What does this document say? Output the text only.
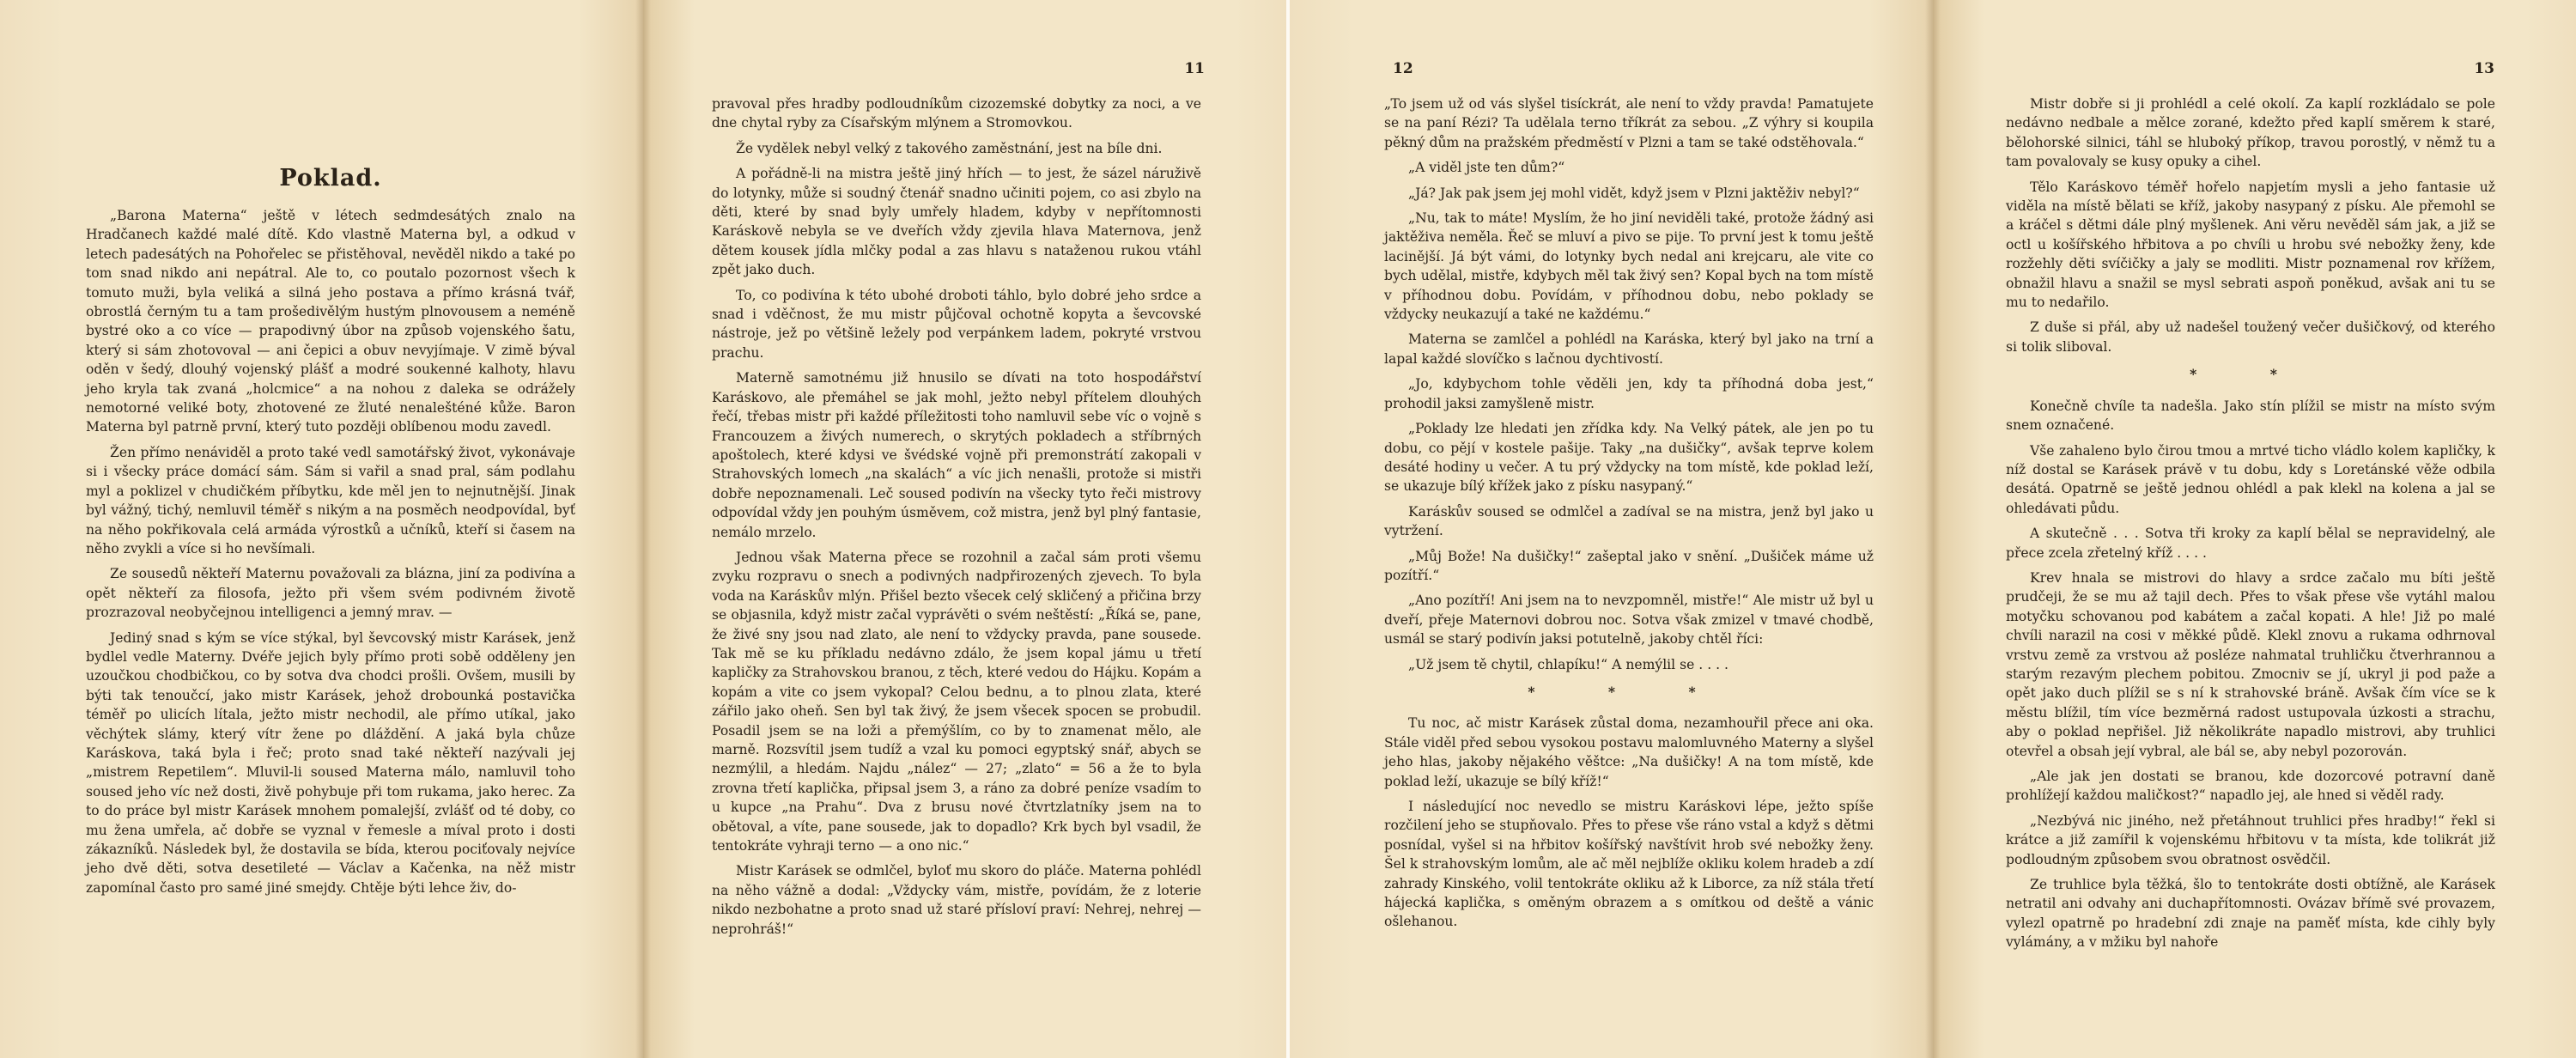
Poklad.

„Barona Materna“ ještě v létech sedmdesátých znalo na Hradčanech každé malé dítě. Kdo vlastně Materna byl, a odkud v letech padesátých na Pohořelec se přistěhoval, nevěděl nikdo a také po tom snad nikdo ani nepátral. Ale to, co poutalo pozornost všech k tomuto muži, byla veliká a silná jeho postava a přímo krásná tvář, obrostlá černým tu a tam prošedivělým hustým plnovousem a neméně bystré oko a co více — prapodivný úbor na způsob vojenského šatu, který si sám zhotovoval — ani čepici a obuv nevyjímaje. V zimě býval oděn v šedý, dlouhý vojenský plášť a modré soukenné kalhoty, hlavu jeho kryla tak zvaná „holcmice“ a na nohou z daleka se odrážely nemotorné veliké boty, zhotovené ze žluté nenalešténé kůže. Baron Materna byl patrně první, který tuto později oblíbenou modu zavedl.

Žen přímo nenáviděl a proto také vedl samotářský život, vykonávaje si i všecky práce domácí sám. Sám si vařil a snad pral, sám podlahu myl a poklizel v chudičkém příbytku, kde měl jen to nejnutnější. Jinak byl vážný, tichý, nemluvil téměř s nikým a na posměch neodpovídal, byť na něho pokřikovala celá armáda výrostků a učníků, kteří si časem na něho zvykli a více si ho nevšímali.

Ze sousedů někteří Maternu považovali za blázna, jiní za podivína a opět někteří za filosofa, ježto při všem svém podivném životě prozrazoval neobyčejnou intelligenci a jemný mrav. —

Jediný snad s kým se více stýkal, byl ševcovský mistr Karásek, jenž bydlel vedle Materny. Dvéře jejich byly přímo proti sobě odděleny jen uzoučkou chodbičkou, co by sotva dva chodci prošli. Ovšem, musili by býti tak tenoučcí, jako mistr Karásek, jehož drobounká postavička téměř po ulicích lítala, ježto mistr nechodil, ale přímo utíkal, jako věchýtek slámy, který vítr žene po dláždění. A jaká byla chůze Karáskova, taká byla i řeč; proto snad také někteří nazývali jej „mistrem Repetilem“. Mluvil-li soused Materna málo, namluvil toho soused jeho víc než dosti, živě pohybuje při tom rukama, jako herec. Za to do práce byl mistr Karásek mnohem pomalejší, zvlášť od té doby, co mu žena umřela, ač dobře se vyznal v řemesle a míval proto i dosti zákazníků. Následek byl, že dostavila se bída, kterou pociťovaly nejvíce jeho dvě děti, sotva desetileté — Václav a Kačenka, na něž mistr zapomínal často pro samé jiné smejdy. Chtěje býti lehce živ, do-

11

pravoval přes hradby podloudníkům cizozemské dobytky za noci, a ve dne chytal ryby za Císařským mlýnem a Stromovkou.

Že vydělek nebyl velký z takového zaměstnání, jest na bíle dni.

A pořádně-li na mistra ještě jiný hřích — to jest, že sázel náruživě do lotynky, může si soudný čtenář snadno učiniti pojem, co asi zbylo na děti, které by snad byly umřely hladem, kdyby v nepřítomnosti Karáskově nebyla se ve dveřích vždy zjevila hlava Maternova, jenž dětem kousek jídla mlčky podal a zas hlavu s nataženou rukou vtáhl zpět jako duch.

To, co podivína k této ubohé droboti táhlo, bylo dobré jeho srdce a snad i vděčnost, že mu mistr půjčoval ochotně kopyta a ševcovské nástroje, jež po většině ležely pod verpánkem ladem, pokryté vrstvou prachu.

Materně samotnému již hnusilo se dívati na toto hospodářství Karáskovo, ale přemáhel se jak mohl, ježto nebyl přítelem dlouhých řečí, třebas mistr při každé příležitosti toho namluvil sebe víc o vojně s Francouzem a živých numerech, o skrytých pokladech a stříbrných apoštolech, které kdysi ve švédské vojně při premonstrátí zakopali v Strahovských lomech „na skalách“ a víc jich nenašli, protože si mistři dobře nepoznamenali. Leč soused podivín na všecky tyto řeči mistrovy odpovídal vždy jen pouhým úsměvem, což mistra, jenž byl plný fantasie, nemálo mrzelo.

Jednou však Materna přece se rozohnil a začal sám proti všemu zvyku rozpravu o snech a podivných nadpřirozených zjevech. To byla voda na Karáskův mlýn. Přišel bezto všecek celý skličený a přičina brzy se objasnila, když mistr začal vyprávěti o svém neštěstí: „Říká se, pane, že živé sny jsou nad zlato, ale není to vždycky pravda, pane sousede. Tak mě se ku příkladu nedávno zdálo, že jsem kopal jámu u třetí kapličky za Strahovskou branou, z těch, které vedou do Hájku. Kopám a kopám a vite co jsem vykopal? Celou bednu, a to plnou zlata, které zářilo jako oheň. Sen byl tak živý, že jsem všecek spocen se probudil. Posadil jsem se na loži a přemýšlím, co by to znamenat mělo, ale marně. Rozsvítil jsem tudíž a vzal ku pomoci egyptský snář, abych se nezmýlil, a hledám. Najdu „nález“ — 27; „zlato“ = 56 a že to byla zrovna třetí kaplička, připsal jsem 3, a ráno za dobré peníze vsadím to u kupce „na Prahu“. Dva z brusu nové čtvrtzlatníky jsem na to obětoval, a víte, pane sousede, jak to dopadlo? Krk bych byl vsadil, že tentokráte vyhraji terno — a ono nic.“

Mistr Karásek se odmlčel, byloť mu skoro do pláče. Materna pohlédl na něho vážně a dodal: „Vždycky vám, mistře, povídám, že z loterie nikdo nezbohatne a proto snad už staré přísloví praví: Nehrej, nehrej — neprohráš!“

12

„To jsem už od vás slyšel tisíckrát, ale není to vždy pravda! Pamatujete se na paní Rézi? Ta udělala terno tříkrát za sebou. „Z výhry si koupila pěkný dům na pražském předměstí v Plzni a tam se také odstěhovala.“

„A viděl jste ten dům?“

„Já? Jak pak jsem jej mohl vidět, když jsem v Plzni jaktěživ nebyl?“

„Nu, tak to máte! Myslím, že ho jiní neviděli také, protože žádný asi jaktěživa neměla. Řeč se mluví a pivo se pije. To první jest k tomu ještě lacinější. Já být vámi, do lotynky bych nedal ani krejcaru, ale vite co bych udělal, mistře, kdybych měl tak živý sen? Kopal bych na tom místě v příhodnou dobu. Povídám, v příhodnou dobu, nebo poklady se vždycky neukazují a také ne každému.“

Materna se zamlčel a pohlédl na Karáska, který byl jako na trní a lapal každé slovíčko s lačnou dychtivostí.

„Jo, kdybychom tohle věděli jen, kdy ta příhodná doba jest,“ prohodil jaksi zamyšleně mistr.

„Poklady lze hledati jen zřídka kdy. Na Velký pátek, ale jen po tu dobu, co pějí v kostele pašije. Taky „na dušičky“, avšak teprve kolem desáté hodiny u večer. A tu prý vždycky na tom místě, kde poklad leží, se ukazuje bílý křížek jako z písku nasypaný.“

Karáskův soused se odmlčel a zadíval se na mistra, jenž byl jako u vytržení.

„Můj Bože! Na dušičky!“ zašeptal jako v snění. „Dušiček máme už pozítří.“

„Ano pozítří! Ani jsem na to nevzpomněl, mistře!“ Ale mistr už byl u dveří, přeje Maternovi dobrou noc. Sotva však zmizel v tmavé chodbě, usmál se starý podivín jaksi potutelně, jakoby chtěl říci:

„Už jsem tě chytil, chlapíku!“ A nemýlil se . . . .

* * *

Tu noc, ač mistr Karásek zůstal doma, nezamhouřil přece ani oka. Stále viděl před sebou vysokou postavu malomluvného Materny a slyšel jeho hlas, jakoby nějakého věštce: „Na dušičky! A na tom místě, kde poklad leží, ukazuje se bílý kříž!“

I následující noc nevedlo se mistru Karáskovi lépe, ježto spíše rozčilení jeho se stupňovalo. Přes to přese vše ráno vstal a když s dětmi posnídal, vyšel si na hřbitov košířský navštívit hrob své nebožky ženy. Šel k strahovským lomům, ale ač měl nejblíže okliku kolem hradeb a zdí zahrady Kinského, volil tentokráte okliku až k Liborce, za níž stála třetí hájecká kaplička, s oměným obrazem a s omítkou od deště a vánic ošlehanou.

13

Mistr dobře si ji prohlédl a celé okolí. Za kaplí rozkládalo se pole nedávno nedbale a mělce zorané, kdežto před kaplí směrem k staré, bělohorské silnici, táhl se hluboký příkop, travou porostlý, v němž tu a tam povalovaly se kusy opuky a cihel.

Tělo Karáskovo téměř hořelo napjetím mysli a jeho fantasie už viděla na místě bělati se kříž, jakoby nasypaný z písku. Ale přemohl se a kráčel s dětmi dále plný myšlenek. Ani věru nevěděl sám jak, a již se octl u košířského hřbitova a po chvíli u hrobu své nebožky ženy, kde rozžehly děti svíčičky a jaly se modliti. Mistr poznamenal rov křížem, obnažil hlavu a snažil se mysl sebrati aspoň poněkud, avšak ani tu se mu to nedařilo.

Z duše si přál, aby už nadešel toužený večer dušičkový, od kterého si tolik sliboval.

* *

Konečně chvíle ta nadešla. Jako stín plížil se mistr na místo svým snem označené.

Vše zahaleno bylo čirou tmou a mrtvé ticho vládlo kolem kapličky, k níž dostal se Karásek právě v tu dobu, kdy s Loretánské věže odbila desátá. Opatrně se ještě jednou ohlédl a pak klekl na kolena a jal se ohledávati půdu.

A skutečně . . . Sotva tři kroky za kaplí bělal se nepravidelný, ale přece zcela zřetelný kříž . . . .

Krev hnala se mistrovi do hlavy a srdce začalo mu bíti ještě prudčeji, že se mu až tajil dech. Přes to však přese vše vytáhl malou motyčku schovanou pod kabátem a začal kopati. A hle! Již po malé chvíli narazil na cosi v měkké půdě. Klekl znovu a rukama odhrnoval vrstvu země za vrstvou až posléze nahmatal truhličku čtverhrannou a starým rezavým plechem pobitou. Zmocniv se jí, ukryl ji pod paže a opět jako duch plížil se s ní k strahovské bráně. Avšak čím více se k městu blížil, tím více bezměrná radost ustupovala úzkosti a strachu, aby o poklad nepřišel. Již několikráte napadlo mistrovi, aby truhlici otevřel a obsah její vybral, ale bál se, aby nebyl pozorován.

„Ale jak jen dostati se branou, kde dozorcové potravní daně prohlížejí každou maličkost?“ napadlo jej, ale hned si věděl rady.

„Nezbývá nic jiného, než přetáhnout truhlici přes hradby!“ řekl si krátce a již zamířil k vojenskému hřbitovu v ta místa, kde tolikrát již podloudným způsobem svou obratnost osvědčil.

Ze truhlice byla těžká, šlo to tentokráte dosti obtížně, ale Karásek netratil ani odvahy ani duchapřítomnosti. Ovázav břímě své provazem, vylezl opatrně po hradební zdi znaje na paměť místa, kde cihly byly vylámány, a v mžiku byl nahoře
